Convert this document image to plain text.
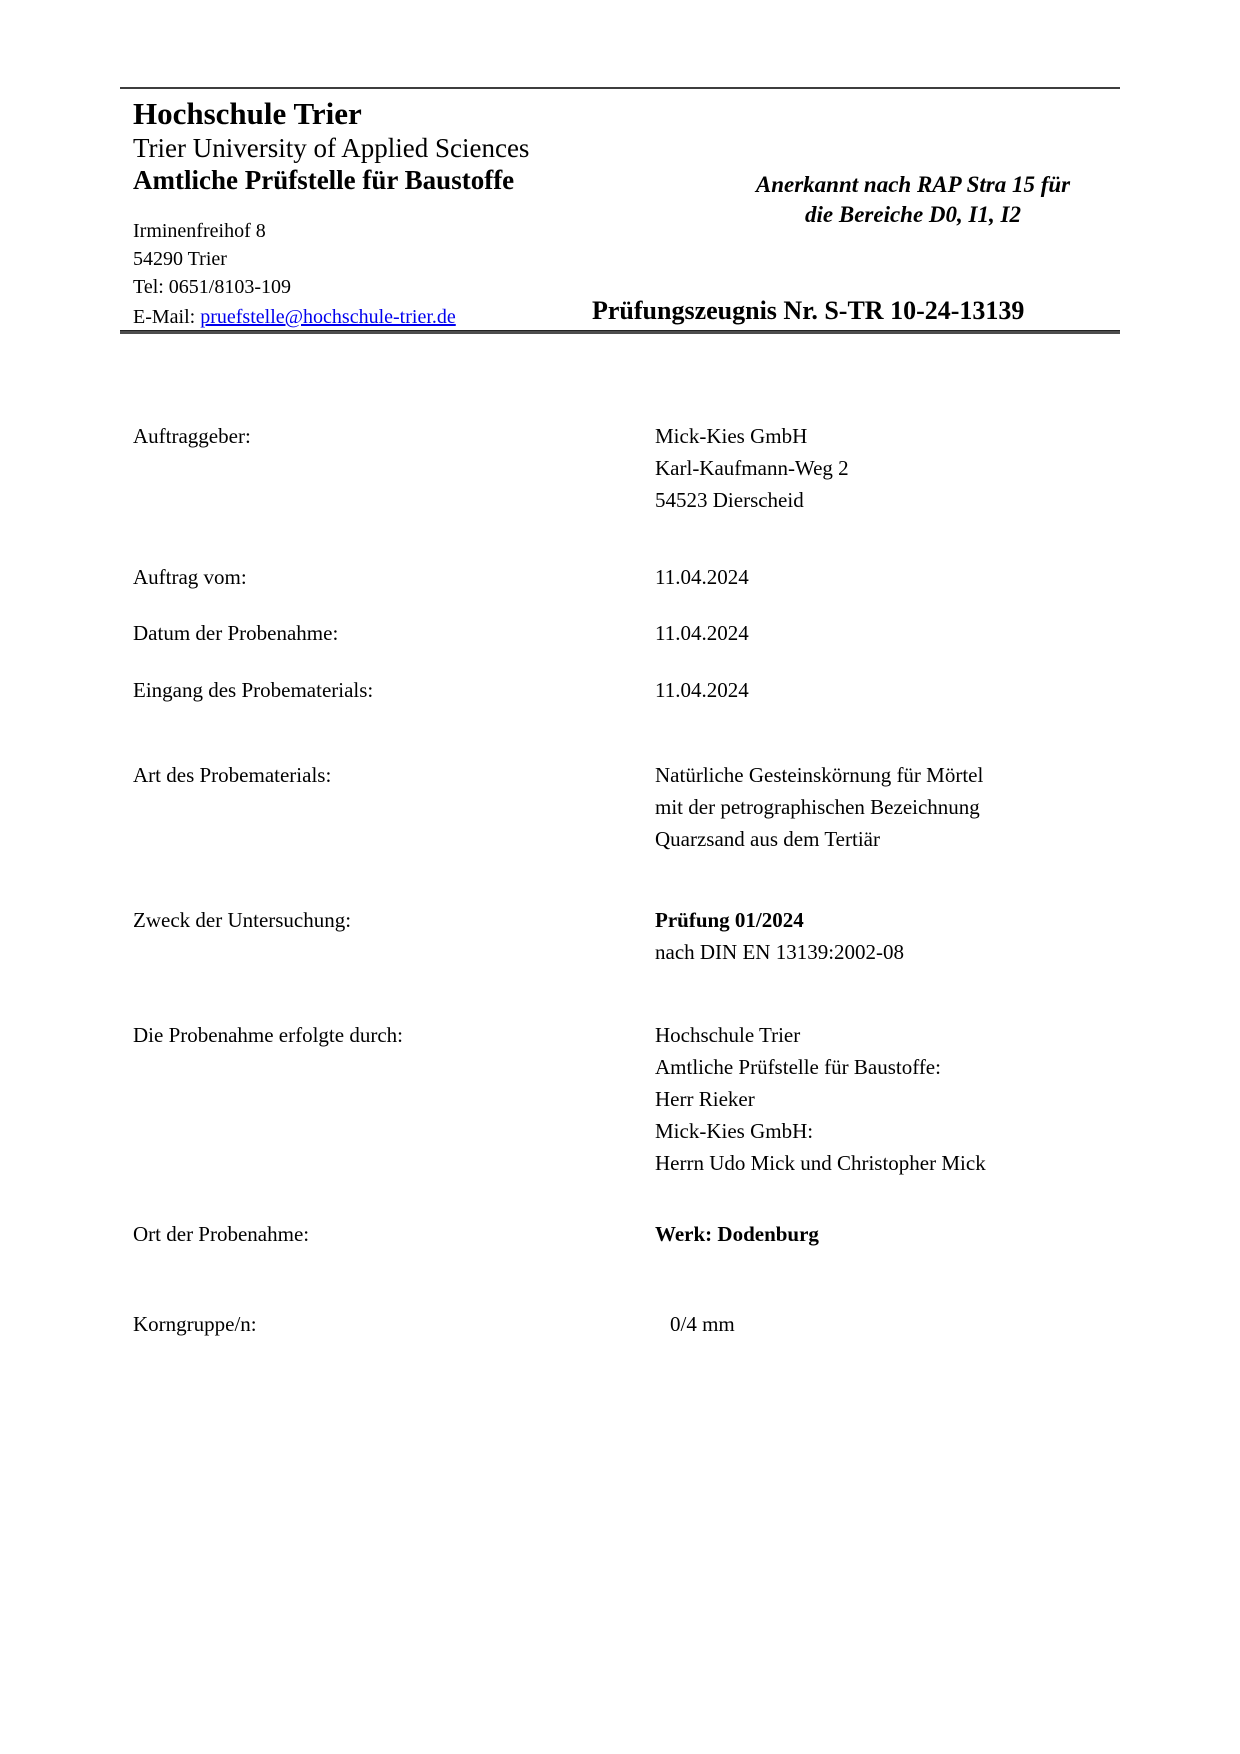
Hochschule Trier
Trier University of Applied Sciences
Amtliche Prüfstelle für Baustoffe	Anerkannt nach RAP Stra 15 für
die Bereiche D0, I1, I2
Irminenfreihof 8
54290 Trier
Tel: 0651/8103-109
E-Mail: pruefstelle@hochschule-trier.de	Prüfungszeugnis Nr. S-TR 10-24-13139
Auftraggeber:	Mick-Kies GmbH
Karl-Kaufmann-Weg 2
54523 Dierscheid
Auftrag vom:	11.04.2024
Datum der Probenahme:	11.04.2024
Eingang des Probematerials:	11.04.2024
Art des Probematerials:	Natürliche Gesteinskörnung für Mörtel
mit der petrographischen Bezeichnung
Quarzsand aus dem Tertiär
Zweck der Untersuchung:	Prüfung 01/2024
nach DIN EN 13139:2002-08
Die Probenahme erfolgte durch:	Hochschule Trier
Amtliche Prüfstelle für Baustoffe:
Herr Rieker
Mick-Kies GmbH:
Herrn Udo Mick und Christopher Mick
Ort der Probenahme:	Werk: Dodenburg
Korngruppe/n:	0/4 mm
